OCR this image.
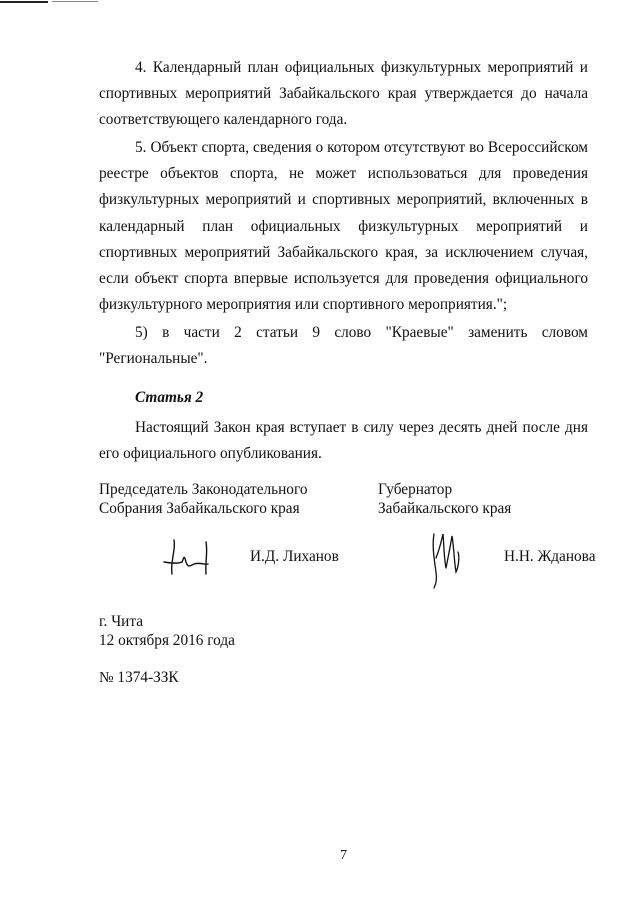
4. Календарный план официальных физкультурных мероприятий и спортивных мероприятий Забайкальского края утверждается до начала соответствующего календарного года.

5. Объект спорта, сведения о котором отсутствуют во Всероссийском реестре объектов спорта, не может использоваться для проведения физкультурных мероприятий и спортивных мероприятий, включенных в календарный план официальных физкультурных мероприятий и спортивных мероприятий Забайкальского края, за исключением случая, если объект спорта впервые используется для проведения официального физкультурного мероприятия или спортивного мероприятия.";

5) в части 2 статьи 9 слово "Краевые" заменить словом "Региональные".

Статья 2

Настоящий Закон края вступает в силу через десять дней после дня его официального опубликования.

Председатель Законодательного
Собрания Забайкальского края
Губернатор
Забайкальского края
И.Д. Лиханов	Н.Н. Жданова
г. Чита
12 октября 2016 года
№ 1374-ЗЗК
7
